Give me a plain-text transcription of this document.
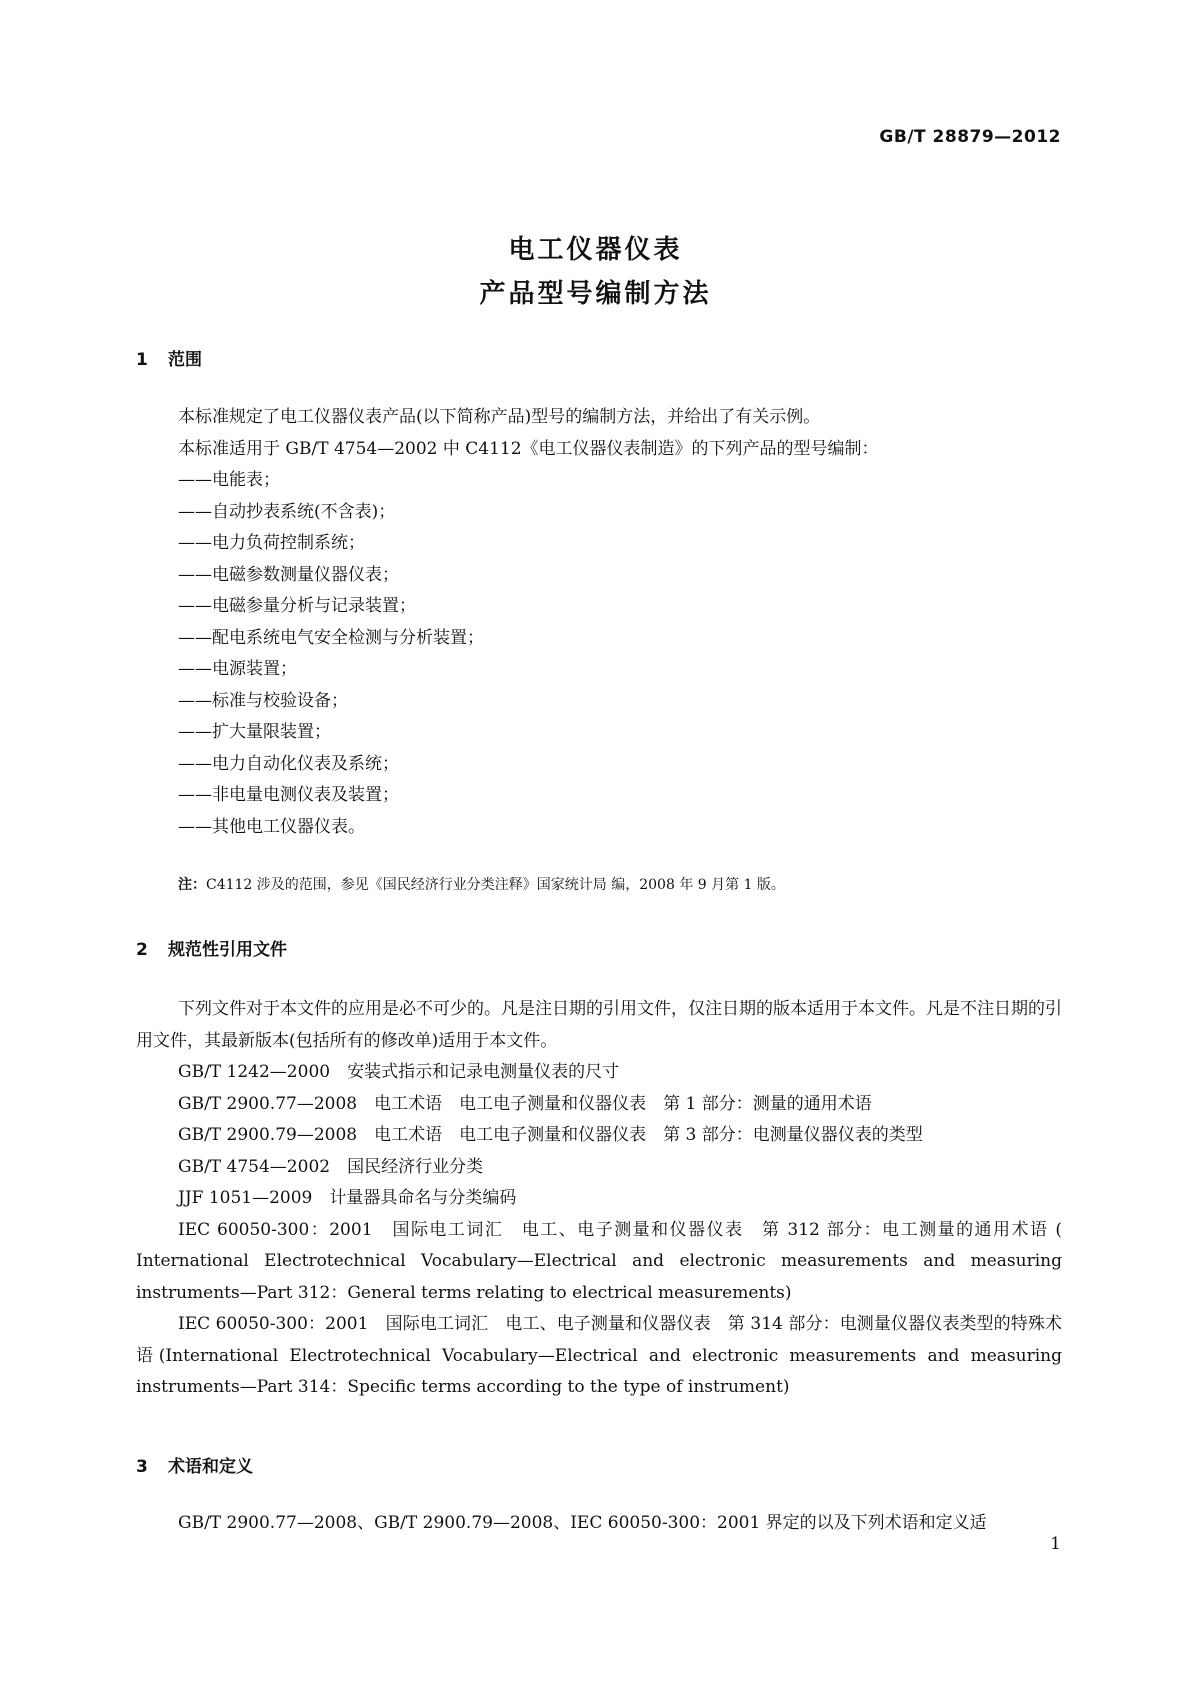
GB/T 28879—2012
电工仪器仪表
产品型号编制方法
1 范围
本标准规定了电工仪器仪表产品(以下简称产品)型号的编制方法，并给出了有关示例。
本标准适用于 GB/T 4754—2002 中 C4112《电工仪器仪表制造》的下列产品的型号编制：
——电能表；
——自动抄表系统(不含表)；
——电力负荷控制系统；
——电磁参数测量仪器仪表；
——电磁参量分析与记录装置；
——配电系统电气安全检测与分析装置；
——电源装置；
——标准与校验设备；
——扩大量限装置；
——电力自动化仪表及系统；
——非电量电测仪表及装置；
——其他电工仪器仪表。
注：C4112 涉及的范围，参见《国民经济行业分类注释》国家统计局 编，2008 年 9 月第 1 版。
2 规范性引用文件
下列文件对于本文件的应用是必不可少的。凡是注日期的引用文件，仅注日期的版本适用于本文件。凡是不注日期的引用文件，其最新版本(包括所有的修改单)适用于本文件。
GB/T 1242—2000　安装式指示和记录电测量仪表的尺寸
GB/T 2900.77—2008　电工术语　电工电子测量和仪器仪表　第 1 部分：测量的通用术语
GB/T 2900.79—2008　电工术语　电工电子测量和仪器仪表　第 3 部分：电测量仪器仪表的类型
GB/T 4754—2002　国民经济行业分类
JJF 1051—2009　计量器具命名与分类编码
IEC 60050-300：2001　国际电工词汇　电工、电子测量和仪器仪表　第 312 部分：电工测量的通用术语 ( International Electrotechnical Vocabulary—Electrical and electronic measurements and measuring instruments—Part 312：General terms relating to electrical measurements)
IEC 60050-300：2001　国际电工词汇　电工、电子测量和仪器仪表　第 314 部分：电测量仪器仪表类型的特殊术语(International Electrotechnical Vocabulary—Electrical and electronic measurements and measuring instruments—Part 314：Specific terms according to the type of instrument)
3 术语和定义
GB/T 2900.77—2008、GB/T 2900.79—2008、IEC 60050-300：2001 界定的以及下列术语和定义适
1
